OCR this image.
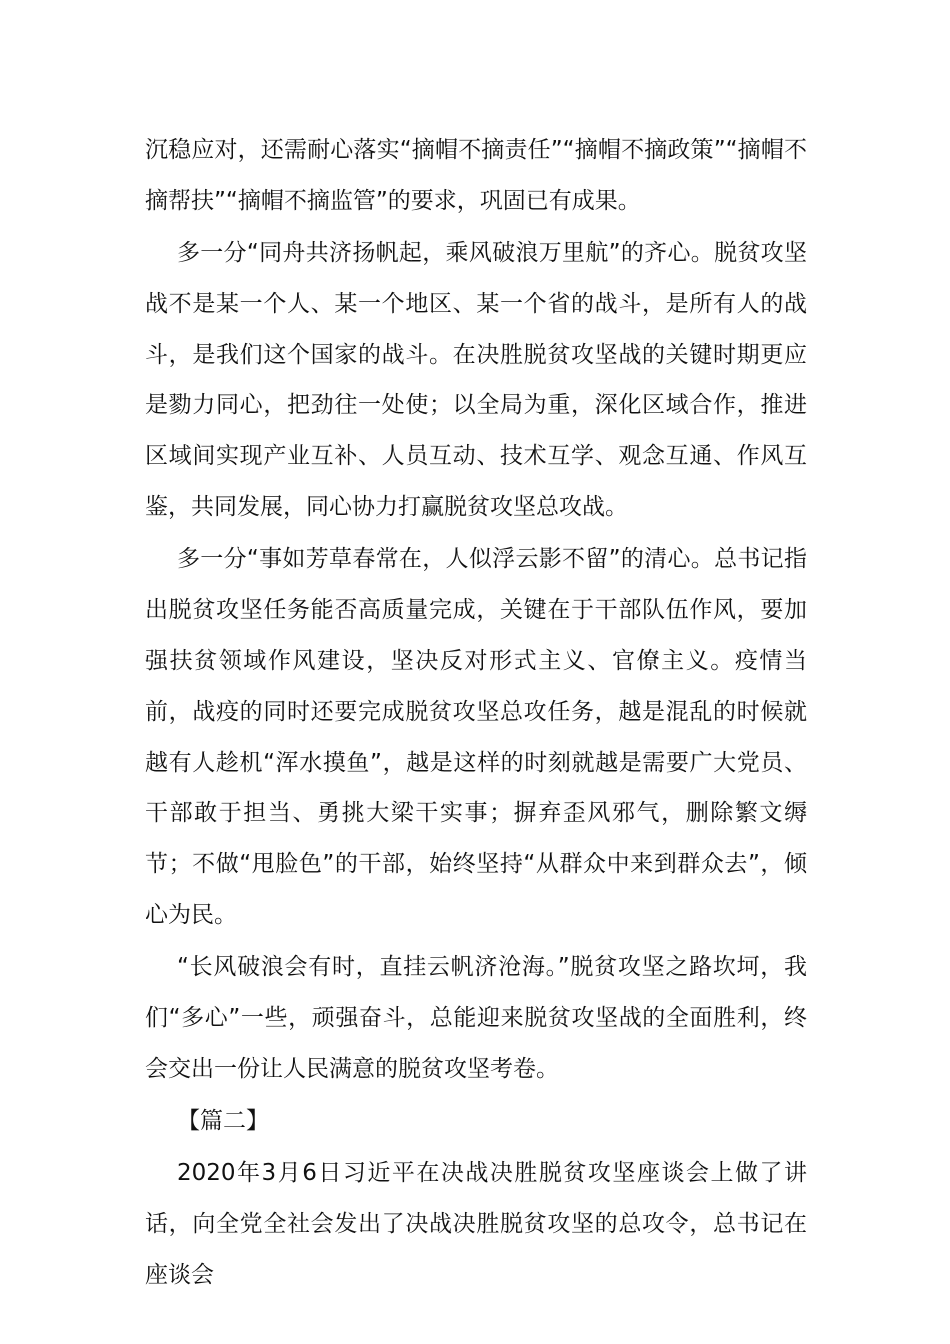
沉稳应对，还需耐心落实“摘帽不摘责任”“摘帽不摘政策”“摘帽不摘帮扶”“摘帽不摘监管”的要求，巩固已有成果。

多一分“同舟共济扬帆起，乘风破浪万里航”的齐心。脱贫攻坚战不是某一个人、某一个地区、某一个省的战斗，是所有人的战斗，是我们这个国家的战斗。在决胜脱贫攻坚战的关键时期更应是勠力同心，把劲往一处使；以全局为重，深化区域合作，推进区域间实现产业互补、人员互动、技术互学、观念互通、作风互鉴，共同发展，同心协力打赢脱贫攻坚总攻战。

多一分“事如芳草春常在，人似浮云影不留”的清心。总书记指出脱贫攻坚任务能否高质量完成，关键在于干部队伍作风，要加强扶贫领域作风建设，坚决反对形式主义、官僚主义。疫情当前，战疫的同时还要完成脱贫攻坚总攻任务，越是混乱的时候就越有人趁机“浑水摸鱼”，越是这样的时刻就越是需要广大党员、干部敢于担当、勇挑大梁干实事；摒弃歪风邪气，删除繁文缛节；不做“甩脸色”的干部，始终坚持“从群众中来到群众去”，倾心为民。

“长风破浪会有时，直挂云帆济沧海。”脱贫攻坚之路坎坷，我们“多心”一些，顽强奋斗，总能迎来脱贫攻坚战的全面胜利，终会交出一份让人民满意的脱贫攻坚考卷。

【篇二】

2020年3月6日习近平在决战决胜脱贫攻坚座谈会上做了讲话，向全党全社会发出了决战决胜脱贫攻坚的总攻令，总书记在座谈会
